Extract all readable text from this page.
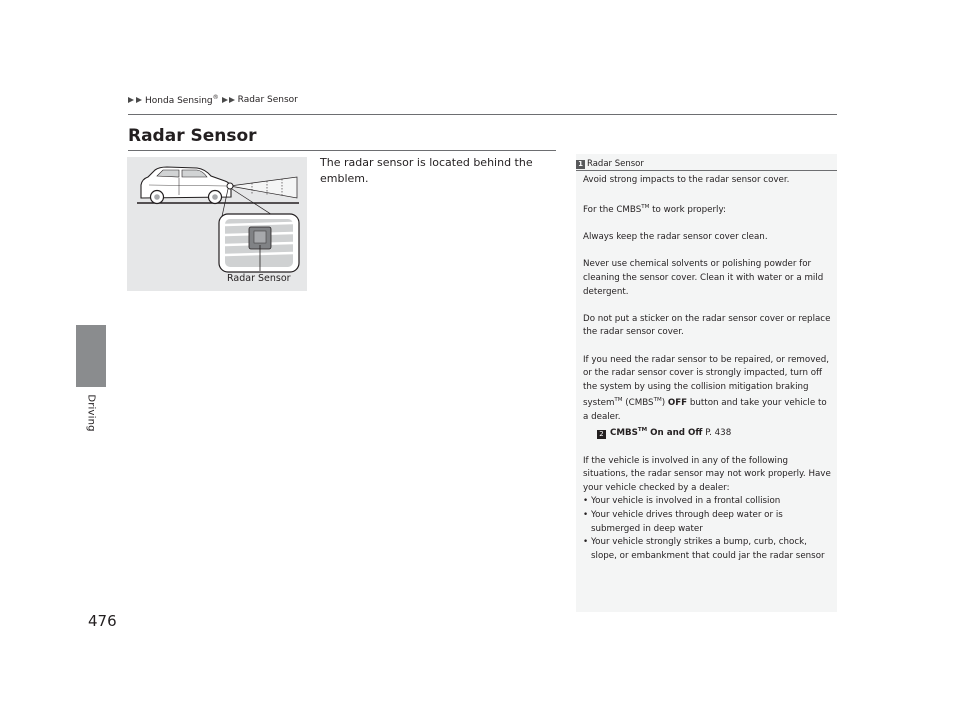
Honda Sensing® Radar Sensor
Driving
476
Radar Sensor
Radar Sensor
The radar sensor is located behind the emblem.
1 Radar Sensor

Avoid strong impacts to the radar sensor cover.

For the CMBS™ to work properly:

Always keep the radar sensor cover clean.

Never use chemical solvents or polishing powder for cleaning the sensor cover. Clean it with water or a mild detergent.

Do not put a sticker on the radar sensor cover or replace the radar sensor cover.

If you need the radar sensor to be repaired, or removed, or the radar sensor cover is strongly impacted, turn off the system by using the collision mitigation braking system™ (CMBS™) OFF button and take your vehicle to a dealer.
2 CMBS™ On and Off P. 438

If the vehicle is involved in any of the following situations, the radar sensor may not work properly. Have your vehicle checked by a dealer:

• Your vehicle is involved in a frontal collision
• Your vehicle drives through deep water or is submerged in deep water
• Your vehicle strongly strikes a bump, curb, chock, slope, or embankment that could jar the radar sensor
